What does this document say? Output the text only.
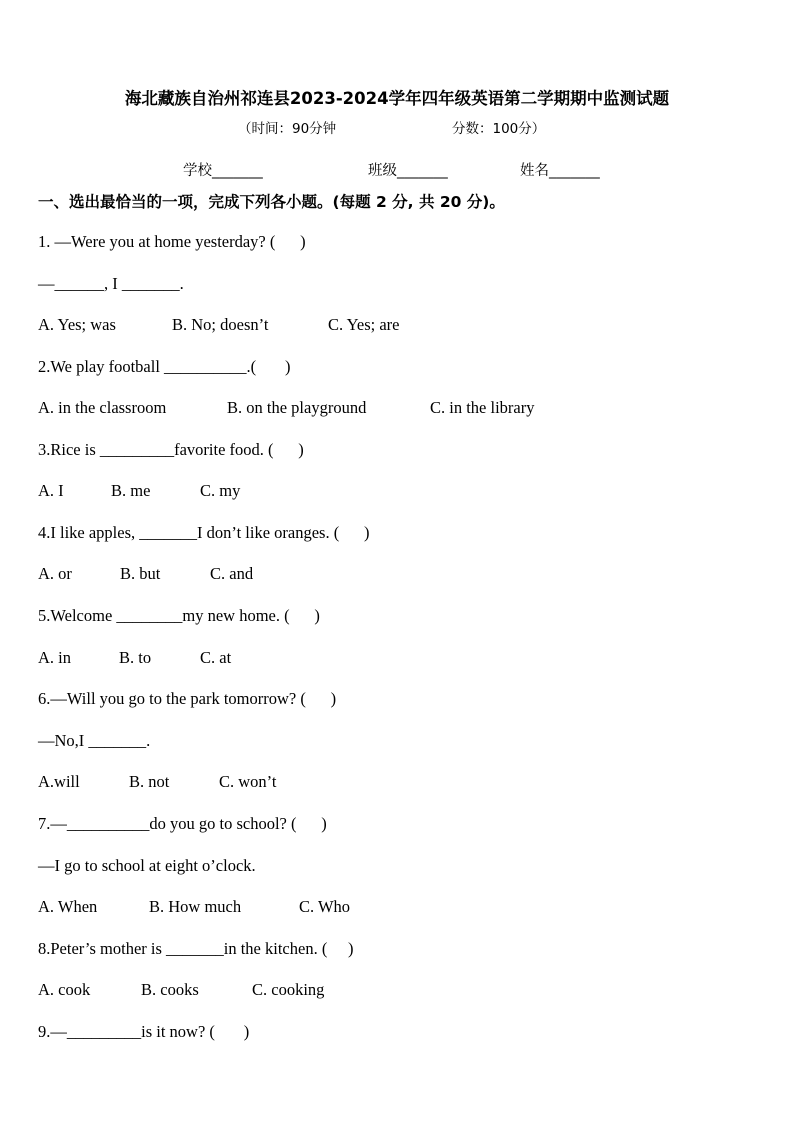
海北藏族自治州祁连县2023-2024学年四年级英语第二学期期中监测试题
（时间：90分钟	分数：100分）
学校_______	班级_______	姓名_______
一、选出最恰当的一项，完成下列各小题。(每题 2 分, 共 20 分)。
1. —Were you at home yesterday? (      )
—______, I _______.
A. Yes; was	B. No; doesn’t	C. Yes; are
2.We play football __________.(       )
A. in the classroom	B. on the playground	C. in the library
3.Rice is _________favorite food. (      )
A. I	B. me	C. my
4.I like apples, _______I don’t like oranges. (      )
A. or	B. but	C. and
5.Welcome ________my new home. (      )
A. in	B. to	C. at
6.—Will you go to the park tomorrow? (      )
—No,I _______.
A.will	B. not	C. won’t
7.—__________do you go to school? (      )
—I go to school at eight o’clock.
A. When	B. How much	C. Who
8.Peter’s mother is _______in the kitchen. (     )
A. cook	B. cooks	C. cooking
9.—_________is it now? (       )
